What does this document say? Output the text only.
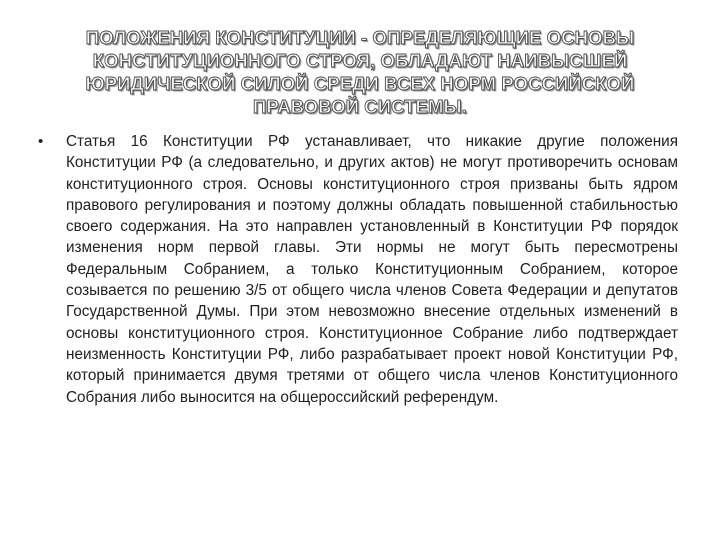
ПОЛОЖЕНИЯ КОНСТИТУЦИИ - ОПРЕДЕЛЯЮЩИЕ ОСНОВЫ
КОНСТИТУЦИОННОГО СТРОЯ, ОБЛАДАЮТ НАИВЫСШЕЙ
ЮРИДИЧЕСКОЙ СИЛОЙ СРЕДИ ВСЕХ НОРМ РОССИЙСКОЙ
ПРАВОВОЙ СИСТЕМЫ.
• Статья 16 Конституции РФ устанавливает, что никакие другие положения Конституции РФ (а следовательно, и других актов) не могут противоречить основам конституционного строя. Основы конституционного строя призваны быть ядром правового регулирования и поэтому должны обладать повышенной стабильностью своего содержания. На это направлен установленный в Конституции РФ порядок изменения норм первой главы. Эти нормы не могут быть пересмотрены Федеральным Собранием, а только Конституционным Собранием, которое созывается по решению 3/5 от общего числа членов Совета Федерации и депутатов Государственной Думы. При этом невозможно внесение отдельных изменений в основы конституционного строя. Конституционное Собрание либо подтверждает неизменность Конституции РФ, либо разрабатывает проект новой Конституции РФ, который принимается двумя третями от общего числа членов Конституционного Собрания либо выносится на общероссийский референдум.
